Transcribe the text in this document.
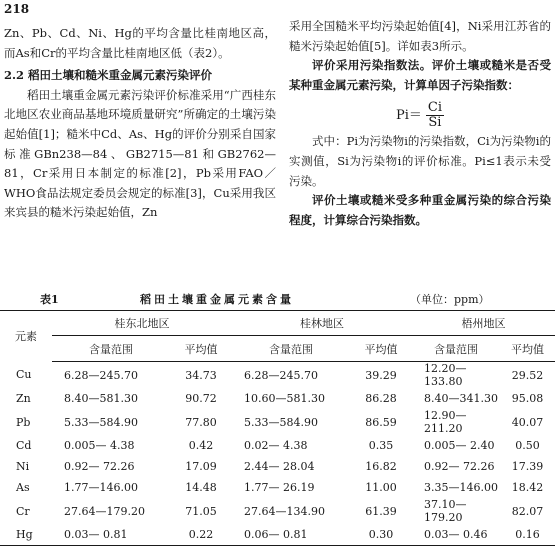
218

Zn、Pb、Cd、Ni、Hg的平均含量比桂南地区高，而As和Cr的平均含量比桂南地区低（表2）。

2.2 稻田土壤和糙米重金属元素污染评价

稻田土壤重金属元素污染评价标准采用“广西桂东北地区农业商品基地环境质量研究”所确定的土壤污染起始值[1]；糙米中Cd、As、Hg的评价分别采自国家标准GBn238—84、GB2715—81和GB2762—81，Cr采用日本制定的标准[2]，Pb采用FAO／WHO食品法规定委员会规定的标准[3]，Cu采用我区来宾县的糙米污染起始值，Zn

采用全国糙米平均污染起始值[4]，Ni采用江苏省的糙米污染起始值[5]。详如表3所示。

评价采用污染指数法。评价土壤或糙米是否受某种重金属元素污染，计算单因子污染指数：

$Pi= \frac{Ci}{Si}$

式中：Pi为污染物i的污染指数，Ci为污染物i的实测值，Si为污染物i的评价标准。Pi≤1表示未受污染。

评价土壤或糙米受多种重金属污染的综合污染程度，计算综合污染指数。

表1	稻田土壤重金属元素含量	（单位：ppm）
元素	桂东北地区		桂林地区		梧州地区	
	含量范围	平均值	含量范围	平均值	含量范围	平均值
Cu	6.28—245.70	34.73	6.28—245.70	39.29	12.20—133.80	29.52
Zn	8.40—581.30	90.72	10.60—581.30	86.28	8.40—341.30	95.08
Pb	5.33—584.90	77.80	5.33—584.90	86.59	12.90—211.20	40.07
Cd	0.005— 4.38	0.42	0.02— 4.38	0.35	0.005— 2.40	0.50
Ni	0.92— 72.26	17.09	2.44— 28.04	16.82	0.92— 72.26	17.39
As	1.77—146.00	14.48	1.77— 26.19	11.00	3.35—146.00	18.42
Cr	27.64—179.20	71.05	27.64—134.90	61.39	37.10—179.20	82.07
Hg	0.03— 0.81	0.22	0.06— 0.81	0.30	0.03— 0.46	0.16
